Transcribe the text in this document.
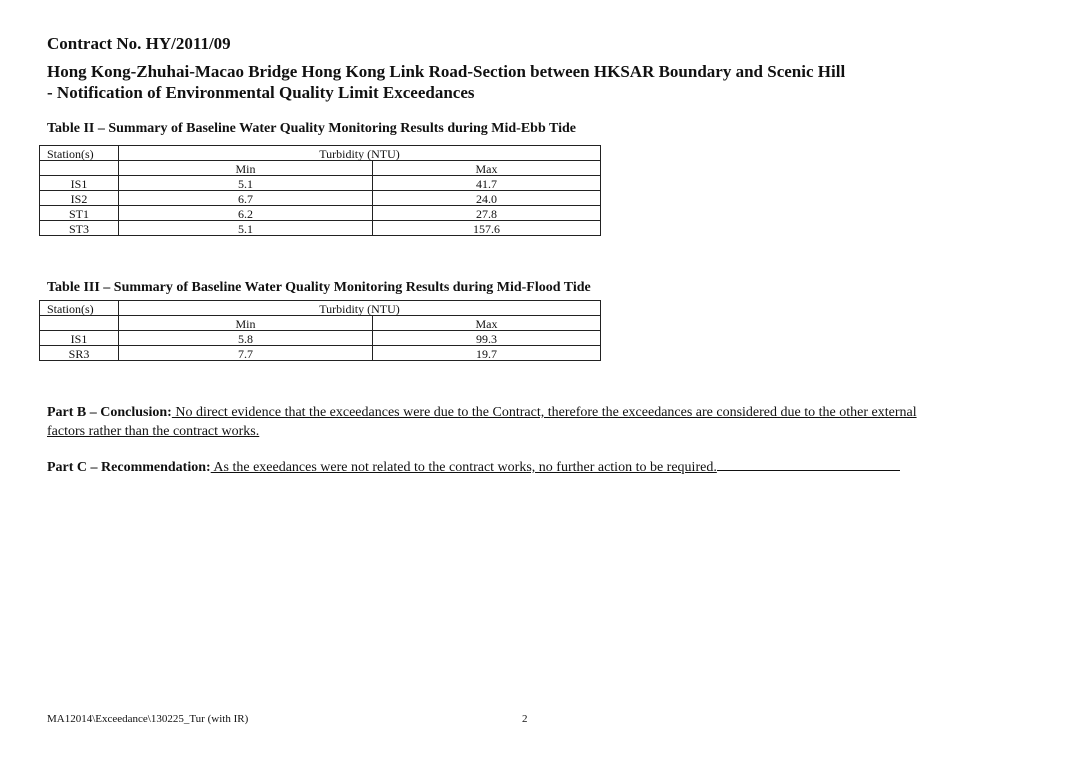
Contract No. HY/2011/09
Hong Kong-Zhuhai-Macao Bridge Hong Kong Link Road-Section between HKSAR Boundary and Scenic Hill
- Notification of Environmental Quality Limit Exceedances
Table II – Summary of Baseline Water Quality Monitoring Results during Mid-Ebb Tide
Station(s)	Turbidity (NTU)	
	Min	Max
IS1	5.1	41.7
IS2	6.7	24.0
ST1	6.2	27.8
ST3	5.1	157.6
Table III – Summary of Baseline Water Quality Monitoring Results during Mid-Flood Tide
Station(s)	Turbidity (NTU)	
	Min	Max
IS1	5.8	99.3
SR3	7.7	19.7
Part B – Conclusion: No direct evidence that the exceedances were due to the Contract, therefore the exceedances are considered due to the other external
factors rather than the contract works.
Part C – Recommendation: As the exeedances were not related to the contract works, no further action to be required.
MA12014\Exceedance\130225_Tur (with IR)	2
